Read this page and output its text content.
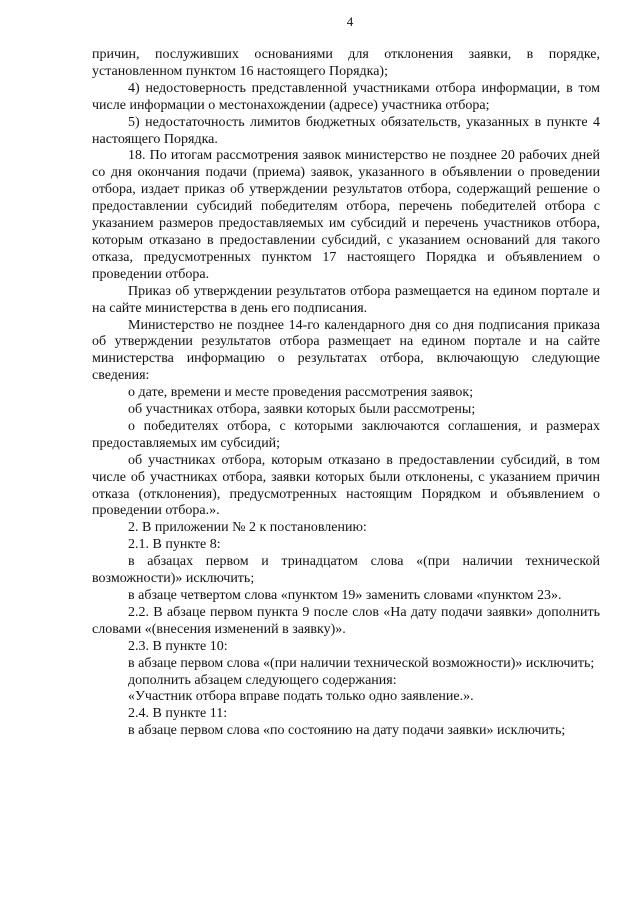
4

причин, послуживших основаниями для отклонения заявки, в порядке, установленном пунктом 16 настоящего Порядка);

4) недостоверность представленной участниками отбора информации, в том числе информации о местонахождении (адресе) участника отбора;

5) недостаточность лимитов бюджетных обязательств, указанных в пункте 4 настоящего Порядка.

18. По итогам рассмотрения заявок министерство не позднее 20 рабочих дней со дня окончания подачи (приема) заявок, указанного в объявлении о проведении отбора, издает приказ об утверждении результатов отбора, содержащий решение о предоставлении субсидий победителям отбора, перечень победителей отбора с указанием размеров предоставляемых им субсидий и перечень участников отбора, которым отказано в предоставлении субсидий, с указанием оснований для такого отказа, предусмотренных пунктом 17 настоящего Порядка и объявлением о проведении отбора.

Приказ об утверждении результатов отбора размещается на едином портале и на сайте министерства в день его подписания.

Министерство не позднее 14-го календарного дня со дня подписания приказа об утверждении результатов отбора размещает на едином портале и на сайте министерства информацию о результатах отбора, включающую следующие сведения:

о дате, времени и месте проведения рассмотрения заявок;

об участниках отбора, заявки которых были рассмотрены;

о победителях отбора, с которыми заключаются соглашения, и размерах предоставляемых им субсидий;

об участниках отбора, которым отказано в предоставлении субсидий, в том числе об участниках отбора, заявки которых были отклонены, с указанием причин отказа (отклонения), предусмотренных настоящим Порядком и объявлением о проведении отбора.».

2. В приложении № 2 к постановлению:

2.1. В пункте 8:

в абзацах первом и тринадцатом слова «(при наличии технической возможности)» исключить;

в абзаце четвертом слова «пунктом 19» заменить словами «пунктом 23».

2.2. В абзаце первом пункта 9 после слов «На дату подачи заявки» дополнить словами «(внесения изменений в заявку)».

2.3. В пункте 10:

в абзаце первом слова «(при наличии технической возможности)» исключить;

дополнить абзацем следующего содержания:

«Участник отбора вправе подать только одно заявление.».

2.4. В пункте 11:

в абзаце первом слова «по состоянию на дату подачи заявки» исключить;
